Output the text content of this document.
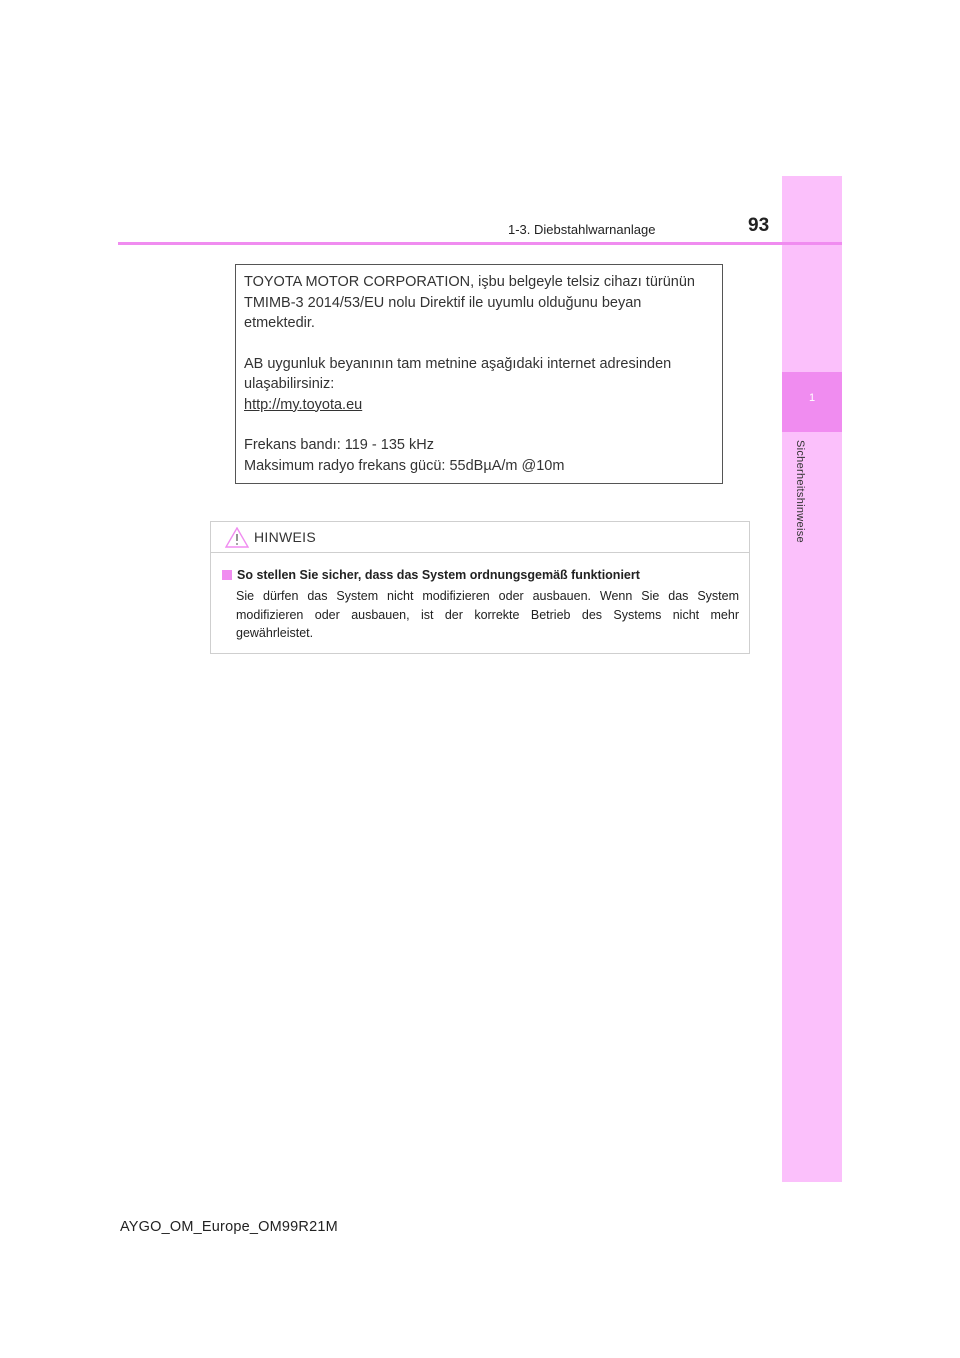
1
Sicherheitshinweise
1-3. Diebstahlwarnanlage	93

TOYOTA MOTOR CORPORATION, işbu belgeyle telsiz cihazı türünün TMIMB-3 2014/53/EU nolu Direktif ile uyumlu olduğunu beyan etmektedir.

AB uygunluk beyanının tam metnine aşağıdaki internet adresinden ulaşabilirsiniz:

http://my.toyota.eu

Frekans bandı: 119 - 135 kHz

Maksimum radyo frekans gücü: 55dBµA/m @10m

HINWEIS
So stellen Sie sicher, dass das System ordnungsgemäß funktioniert

Sie dürfen das System nicht modifizieren oder ausbauen. Wenn Sie das System modifizieren oder ausbauen, ist der korrekte Betrieb des Systems nicht mehr gewährleistet.

AYGO_OM_Europe_OM99R21M
